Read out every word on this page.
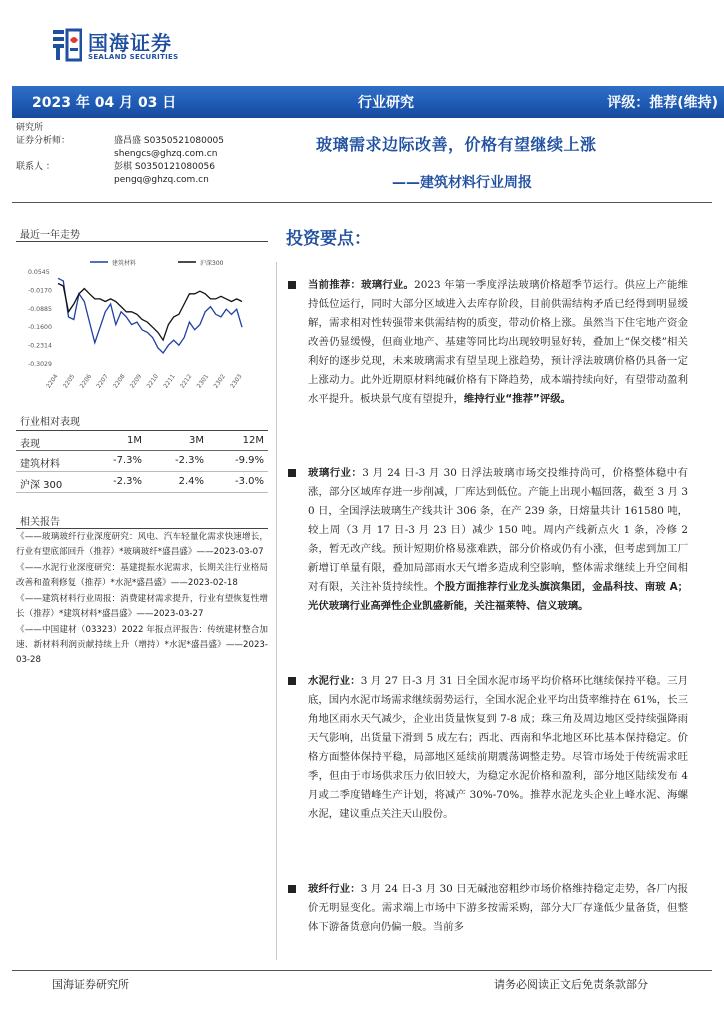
国海证券
SEALAND SECURITIES
2023 年 04 月 03 日	行业研究	评级：推荐(维持)
研究所
证券分析师：	盛昌盛 S0350521080005
shengcs@ghzq.com.cn
联系人 ：	彭棋 S0350121080056
pengq@ghzq.com.cn
玻璃需求边际改善，价格有望继续上涨
——建筑材料行业周报
最近一年走势
建筑材料	沪深300
0.0545
-0.0170
-0.0885
-0.1600
-0.2314
-0.3029
2204 2205 2206 2207 2208 2209 2210 2211 2212 2301 2302 2303
行业相对表现
表现	1M	3M	12M
建筑材料	-7.3%	-2.3%	-9.9%
沪深 300	-2.3%	2.4%	-3.0%
相关报告

《——玻璃玻纤行业深度研究：风电、汽车轻量化需求快速增长，行业有望底部回升（推荐）*玻璃玻纤*盛昌盛》——2023-03-07

《——水泥行业深度研究：基建提振水泥需求，长期关注行业格局改善和盈利修复（推荐）*水泥*盛昌盛》——2023-02-18

《——建筑材料行业周报：消费建材需求提升，行业有望恢复性增长（推荐）*建筑材料*盛昌盛》——2023-03-27

《——中国建材（03323）2022 年报点评报告：传统建材整合加速、新材料利润贡献持续上升（增持）*水泥*盛昌盛》——2023-03-28

投资要点：
当前推荐：玻璃行业。2023 年第一季度浮法玻璃价格超季节运行。供应上产能维持低位运行，同时大部分区域进入去库存阶段，目前供需结构矛盾已经得到明显缓解，需求相对性转强带来供需结构的质变，带动价格上涨。虽然当下住宅地产资金改善仍显缓慢，但商业地产、基建等同比均出现较明显好转，叠加上“保交楼”相关利好的逐步兑现，未来玻璃需求有望呈现上涨趋势，预计浮法玻璃价格仍具备一定上涨动力。此外近期原材料纯碱价格有下降趋势，成本端持续向好，有望带动盈利水平提升。板块景气度有望提升，维持行业“推荐”评级。
玻璃行业：3 月 24 日-3 月 30 日浮法玻璃市场交投维持尚可，价格整体稳中有涨，部分区域库存进一步削减，厂库达到低位。产能上出现小幅回落，截至 3 月 30 日，全国浮法玻璃生产线共计 306 条，在产 239 条，日熔量共计 161580 吨，较上周（3 月 17 日-3 月 23 日）减少 150 吨。周内产线新点火 1 条，冷修 2 条，暂无改产线。预计短期价格易涨难跌，部分价格或仍有小涨，但考虑到加工厂新增订单量有限，叠加局部雨水天气增多造成利空影响，整体需求继续上升空间相对有限，关注补货持续性。个股方面推荐行业龙头旗滨集团，金晶科技、南玻 A；光伏玻璃行业高弹性企业凯盛新能，关注福莱特、信义玻璃。
水泥行业：3 月 27 日-3 月 31 日全国水泥市场平均价格环比继续保持平稳。三月底，国内水泥市场需求继续弱势运行，全国水泥企业平均出货率维持在 61%，长三角地区雨水天气减少，企业出货量恢复到 7-8 成；珠三角及周边地区受持续强降雨天气影响，出货量下滑到 5 成左右；西北、西南和华北地区环比基本保持稳定。价格方面整体保持平稳，局部地区延续前期震荡调整走势。尽管市场处于传统需求旺季，但由于市场供求压力依旧较大，为稳定水泥价格和盈利，部分地区陆续发布 4 月或二季度错峰生产计划，将减产 30%-70%。推荐水泥龙头企业上峰水泥、海螺水泥，建议重点关注天山股份。
玻纤行业：3 月 24 日-3 月 30 日无碱池窑粗纱市场价格维持稳定走势，各厂内报价无明显变化。需求端上市场中下游多按需采购，部分大厂存逢低少量备货，但整体下游备货意向仍偏一般。当前多
国海证券研究所	请务必阅读正文后免责条款部分
